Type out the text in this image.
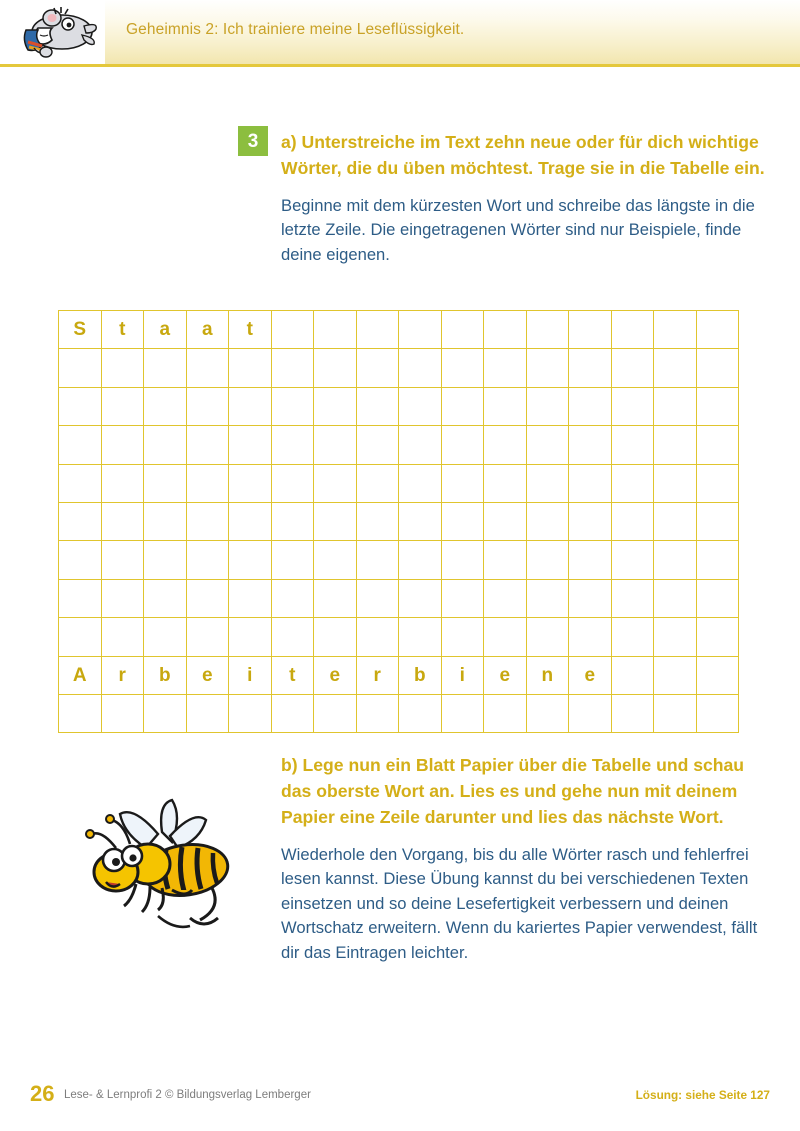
Geheimnis 2: Ich trainiere meine Leseflüssigkeit.
3	a) Unterstreiche im Text zehn neue oder für dich wichtige Wörter, die du üben möchtest. Trage sie in die Tabelle ein.

Beginne mit dem kürzesten Wort und schreibe das längste in die letzte Zeile. Die eingetragenen Wörter sind nur Beispiele, finde deine eigenen.

S	t	a	a	t											

A	r	b	e	i	t	e	r	b	i	e	n	e			

b) Lege nun ein Blatt Papier über die Tabelle und schau das oberste Wort an. Lies es und gehe nun mit deinem Papier eine Zeile darunter und lies das nächste Wort.

Wiederhole den Vorgang, bis du alle Wörter rasch und fehlerfrei lesen kannst. Diese Übung kannst du bei verschiedenen Texten einsetzen und so deine Lesefertigkeit verbessern und deinen Wortschatz erweitern. Wenn du kariertes Papier verwendest, fällt dir das Eintragen leichter.

26 Lese- & Lernprofi 2 © Bildungsverlag Lemberger	Lösung: siehe Seite 127
